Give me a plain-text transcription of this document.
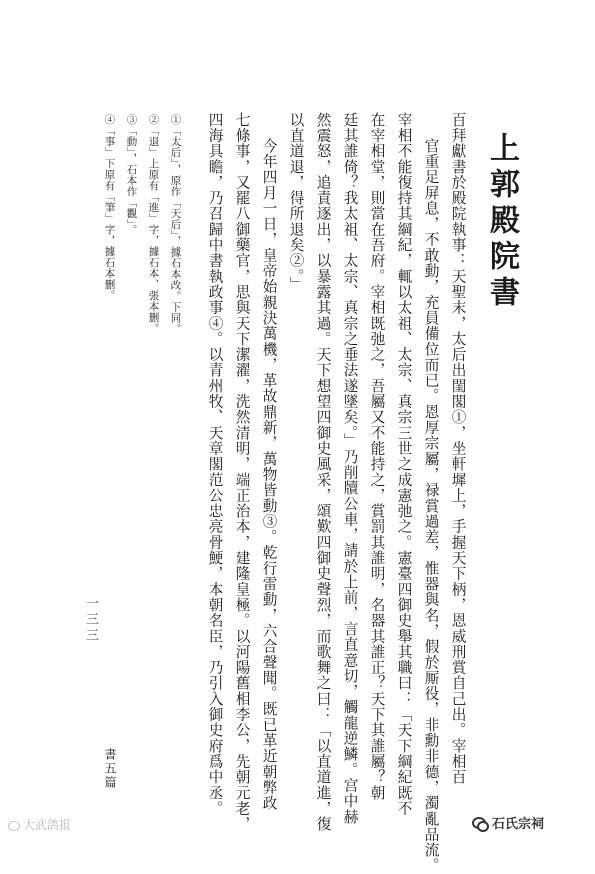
上郭殿院書
百拜獻書於殿院執事：天聖末，太后出閨閣①，坐軒墀上，手握天下柄，恩威刑賞自己出。宰相百
官重足屏息，不敢動，充員備位而已。恩厚宗屬，禄賞過差，惟器與名，假於厮役，非勳非德，濁亂品流。
宰相不能復持其綱紀，輒以太祖、太宗、真宗三世之成憲弛之。憲臺四御史舉其職曰：「天下綱紀既不
在宰相堂，則當在吾府。宰相既弛之，吾屬又不能持之，賞罰其誰明，名器其誰正？天下其誰屬？朝
廷其誰倚？我太祖、太宗、真宗之垂法遂墜矣。」乃削牘公車，請於上前，言直意切，觸龍逆鱗。宫中赫
然震怒，追責逐出，以暴露其過。天下想望四御史風采，頌歎四御史聲烈，而歌舞之曰：「以直道進，復
以直道退，得所退矣②。」
今年四月一日，皇帝始親決萬機，革故鼎新，萬物皆動③。乾行雷動，六合聲聞。既已革近朝弊政
七條事，又罷八御藥官，思與天下潔濯，洗然清明，端正治本，建隆皇極。以河陽舊相李公，先朝元老，
四海具瞻，乃召歸中書執政事④。以青州牧、天章閣范公忠亮骨鯁，本朝名臣，乃引入御史府爲中丞。
①「太后」，原作「天后」，據石本改。下同。
②「退」上原有「進」字，據石本、張本删。
③「動」，石本作「觀」。
④「事」下原有「筆」字，據石本删。
書五篇
一三三
大武鸽报	石氏宗祠
